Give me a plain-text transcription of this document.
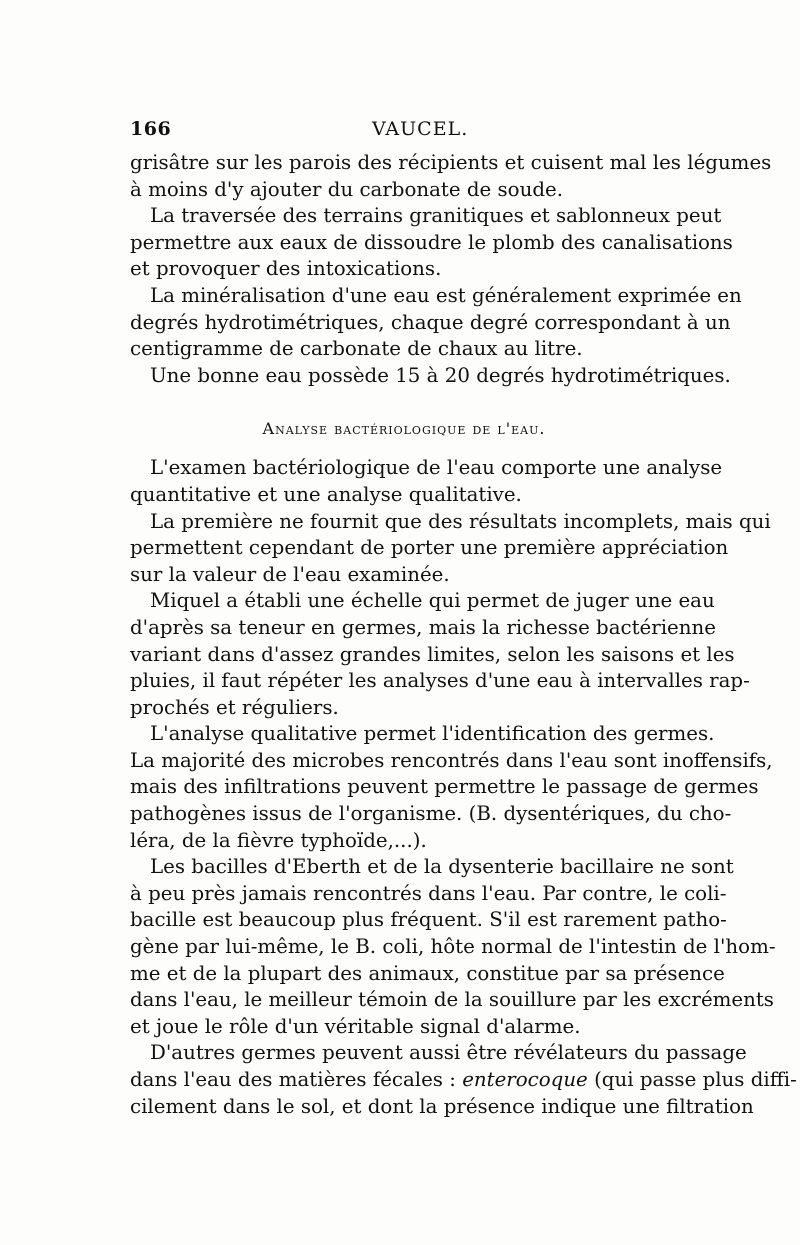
166	VAUCEL.
grisâtre sur les parois des récipients et cuisent mal les légumes
à moins d'y ajouter du carbonate de soude.
La traversée des terrains granitiques et sablonneux peut
permettre aux eaux de dissoudre le plomb des canalisations
et provoquer des intoxications.
La minéralisation d'une eau est généralement exprimée en
degrés hydrotimétriques, chaque degré correspondant à un
centigramme de carbonate de chaux au litre.
Une bonne eau possède 15 à 20 degrés hydrotimétriques.
Analyse bactériologique de l'eau.
L'examen bactériologique de l'eau comporte une analyse
quantitative et une analyse qualitative.
La première ne fournit que des résultats incomplets, mais qui
permettent cependant de porter une première appréciation
sur la valeur de l'eau examinée.
Miquel a établi une échelle qui permet de juger une eau
d'après sa teneur en germes, mais la richesse bactérienne
variant dans d'assez grandes limites, selon les saisons et les
pluies, il faut répéter les analyses d'une eau à intervalles rap-
prochés et réguliers.
L'analyse qualitative permet l'identification des germes.
La majorité des microbes rencontrés dans l'eau sont inoffensifs,
mais des infiltrations peuvent permettre le passage de germes
pathogènes issus de l'organisme. (B. dysentériques, du cho-
léra, de la fièvre typhoïde,...).
Les bacilles d'Eberth et de la dysenterie bacillaire ne sont
à peu près jamais rencontrés dans l'eau. Par contre, le coli-
bacille est beaucoup plus fréquent. S'il est rarement patho-
gène par lui-même, le B. coli, hôte normal de l'intestin de l'hom-
me et de la plupart des animaux, constitue par sa présence
dans l'eau, le meilleur témoin de la souillure par les excréments
et joue le rôle d'un véritable signal d'alarme.
D'autres germes peuvent aussi être révélateurs du passage
dans l'eau des matières fécales : enterocoque (qui passe plus diffi-
cilement dans le sol, et dont la présence indique une filtration
